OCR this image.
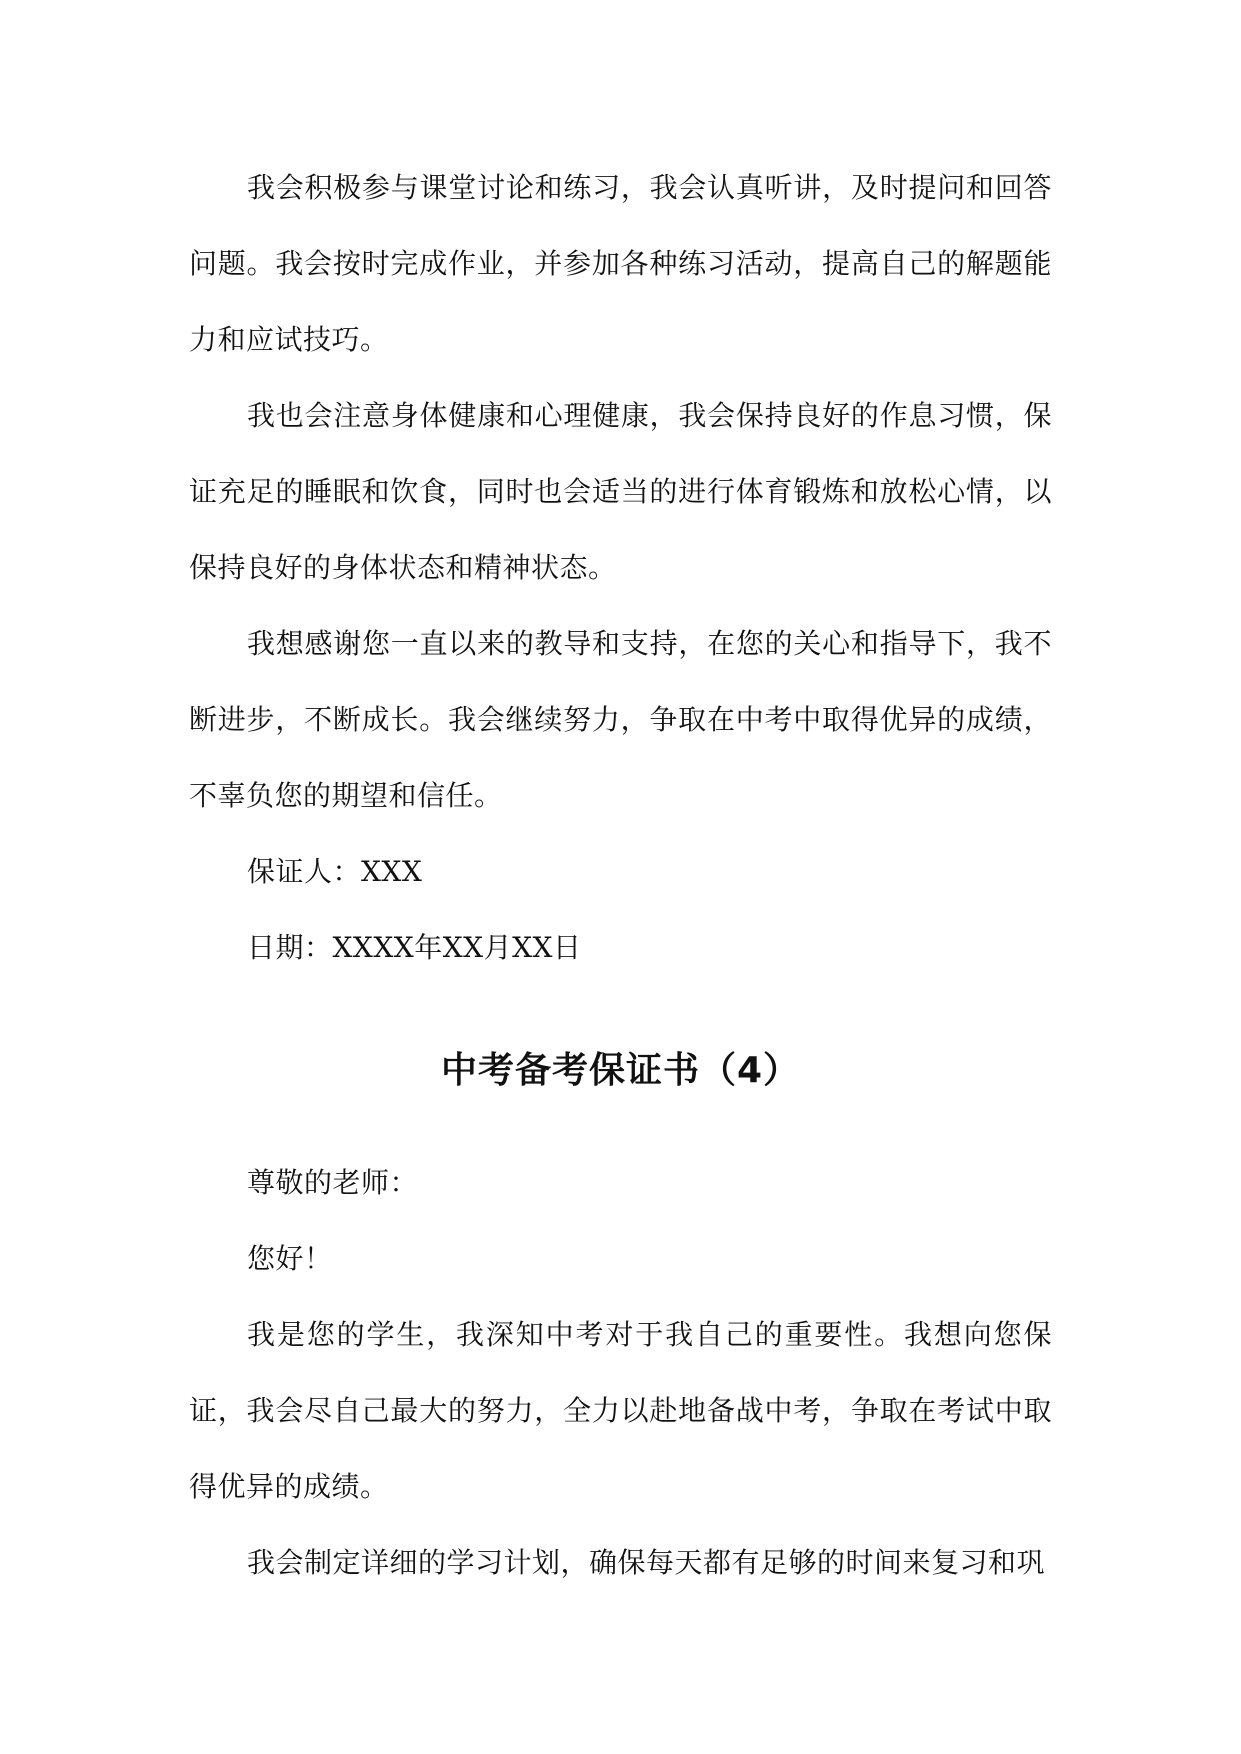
我会积极参与课堂讨论和练习，我会认真听讲，及时提问和回答问题。我会按时完成作业，并参加各种练习活动，提高自己的解题能力和应试技巧。

我也会注意身体健康和心理健康，我会保持良好的作息习惯，保证充足的睡眠和饮食，同时也会适当的进行体育锻炼和放松心情，以保持良好的身体状态和精神状态。

我想感谢您一直以来的教导和支持，在您的关心和指导下，我不断进步，不断成长。我会继续努力，争取在中考中取得优异的成绩，不辜负您的期望和信任。

保证人：XXX

日期：XXXX年XX月XX日

中考备考保证书（4）

尊敬的老师：

您好！

我是您的学生，我深知中考对于我自己的重要性。我想向您保证，我会尽自己最大的努力，全力以赴地备战中考，争取在考试中取得优异的成绩。

我会制定详细的学习计划，确保每天都有足够的时间来复习和巩
